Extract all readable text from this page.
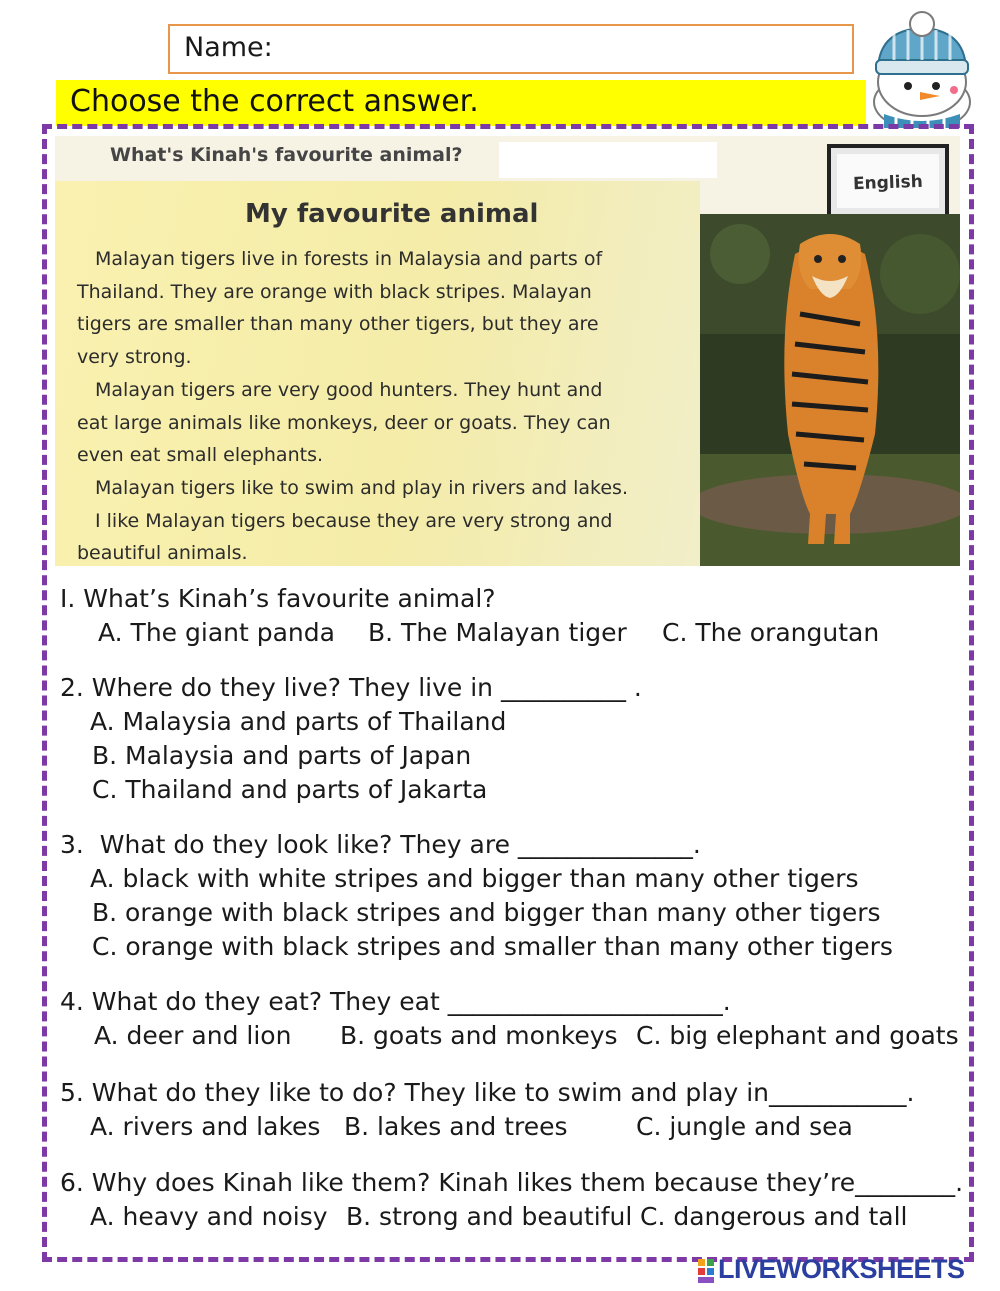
Name:
Choose the correct answer.
What's Kinah's favourite animal?
English
My favourite animal

Malayan tigers live in forests in Malaysia and parts of
Thailand. They are orange with black stripes. Malayan
tigers are smaller than many other tigers, but they are
very strong.

Malayan tigers are very good hunters. They hunt and
eat large animals like monkeys, deer or goats. They can
even eat small elephants.

Malayan tigers like to swim and play in rivers and lakes.
I like Malayan tigers because they are very strong and
beautiful animals.

I. What’s Kinah’s favourite animal?
A. The giant panda B. The Malayan tiger C. The orangutan
2. Where do they live? They live in __________ .
A. Malaysia and parts of Thailand
B. Malaysia and parts of Japan
C. Thailand and parts of Jakarta
3.  What do they look like? They are ______________.
A. black with white stripes and bigger than many other tigers
B. orange with black stripes and bigger than many other tigers
C. orange with black stripes and smaller than many other tigers
4. What do they eat? They eat ______________________.
A. deer and lion B. goats and monkeys C. big elephant and goats
5. What do they like to do? They like to swim and play in___________.
A. rivers and lakes B. lakes and trees	C. jungle and sea
6. Why does Kinah like them? Kinah likes them because they’re________.
A. heavy and noisy B. strong and beautiful C. dangerous and tall
LIVEWORKSHEETS
